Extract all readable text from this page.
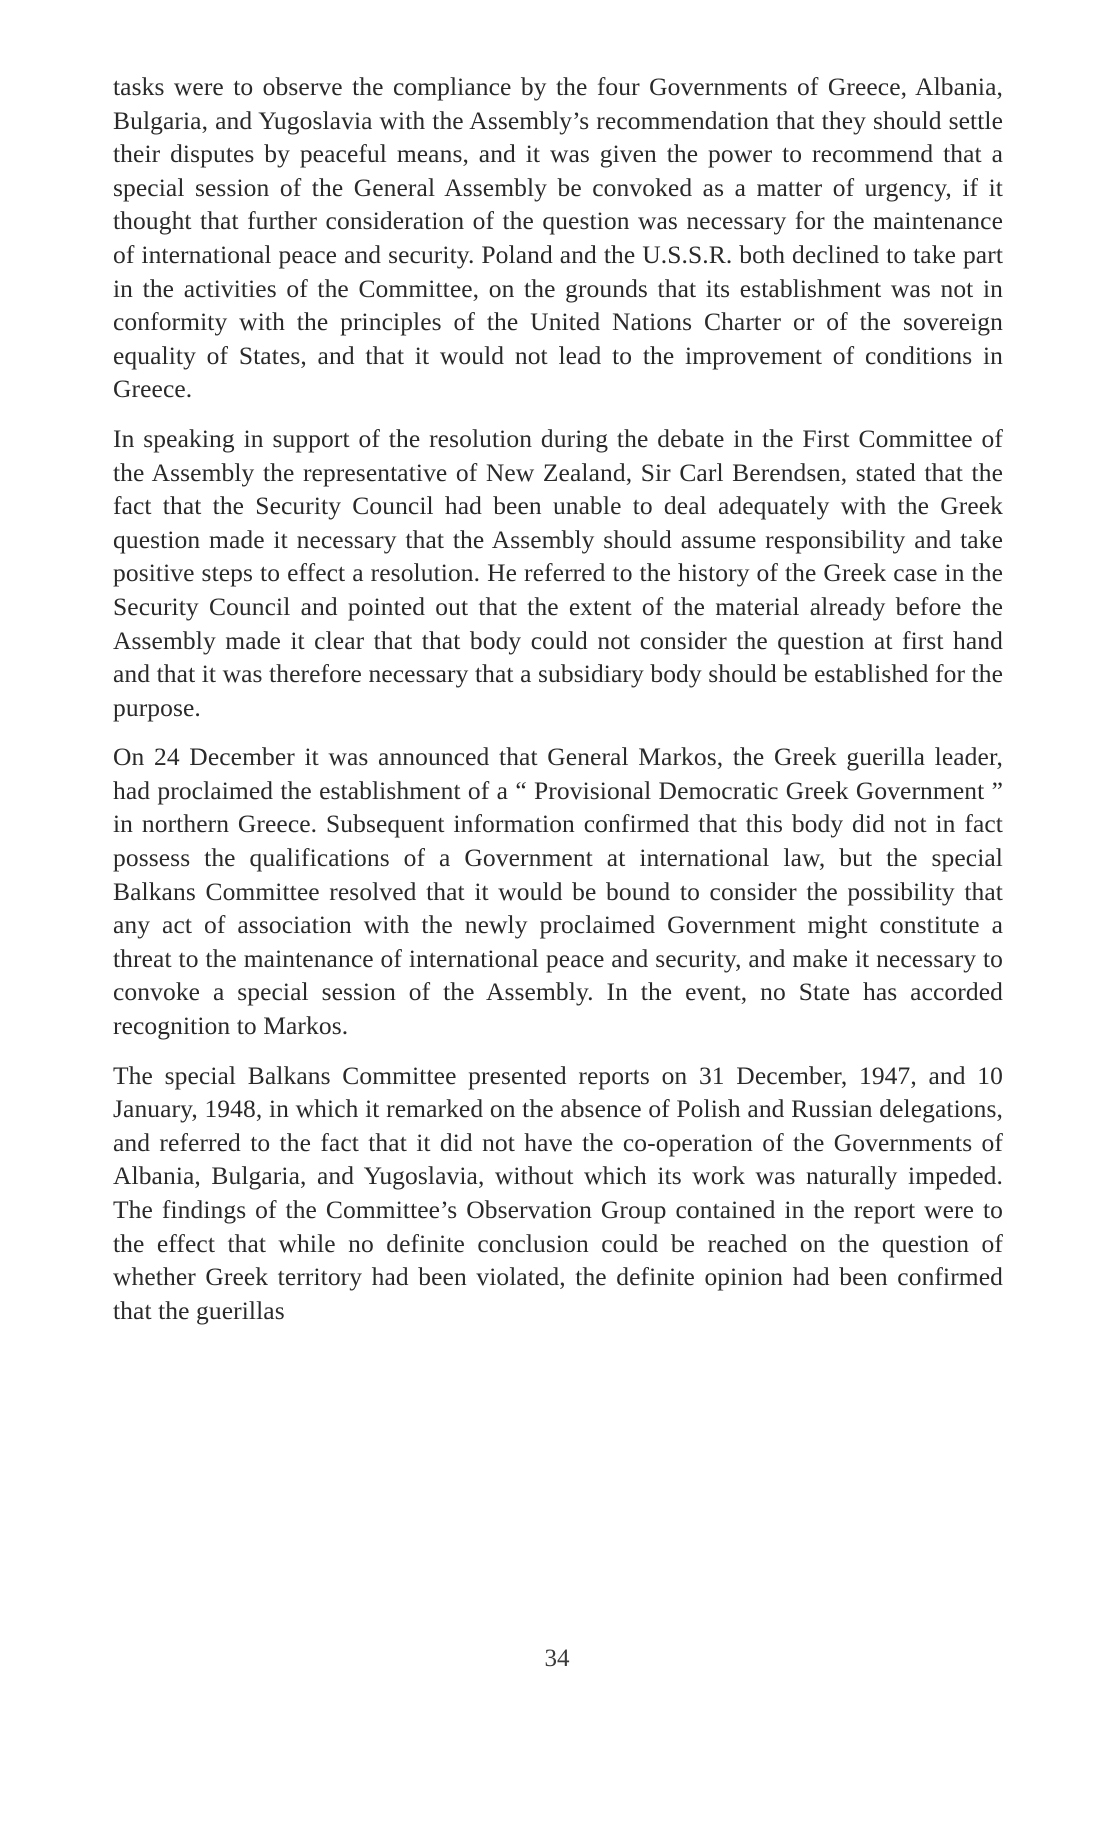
tasks were to observe the compliance by the four Governments of Greece, Albania, Bulgaria, and Yugoslavia with the Assembly’s recommendation that they should settle their disputes by peaceful means, and it was given the power to recommend that a special session of the General Assembly be convoked as a matter of urgency, if it thought that further consideration of the question was necessary for the maintenance of international peace and security. Poland and the U.S.S.R. both declined to take part in the activities of the Committee, on the grounds that its establishment was not in conformity with the principles of the United Nations Charter or of the sovereign equality of States, and that it would not lead to the improvement of conditions in Greece.

In speaking in support of the resolution during the debate in the First Committee of the Assembly the representative of New Zealand, Sir Carl Berendsen, stated that the fact that the Security Council had been unable to deal adequately with the Greek question made it necessary that the Assembly should assume responsibility and take positive steps to effect a resolution. He referred to the history of the Greek case in the Security Council and pointed out that the extent of the material already before the Assembly made it clear that that body could not consider the question at first hand and that it was therefore necessary that a subsidiary body should be established for the purpose.

On 24 December it was announced that General Markos, the Greek guerilla leader, had proclaimed the establishment of a “ Provisional Democratic Greek Government ” in northern Greece. Subsequent information confirmed that this body did not in fact possess the qualifications of a Government at international law, but the special Balkans Committee resolved that it would be bound to consider the possibility that any act of association with the newly proclaimed Government might constitute a threat to the maintenance of international peace and security, and make it necessary to convoke a special session of the Assembly. In the event, no State has accorded recognition to Markos.

The special Balkans Committee presented reports on 31 December, 1947, and 10 January, 1948, in which it remarked on the absence of Polish and Russian delegations, and referred to the fact that it did not have the co-operation of the Governments of Albania, Bulgaria, and Yugoslavia, without which its work was naturally impeded. The findings of the Committee’s Observation Group contained in the report were to the effect that while no definite conclusion could be reached on the question of whether Greek territory had been violated, the definite opinion had been confirmed that the guerillas

34
